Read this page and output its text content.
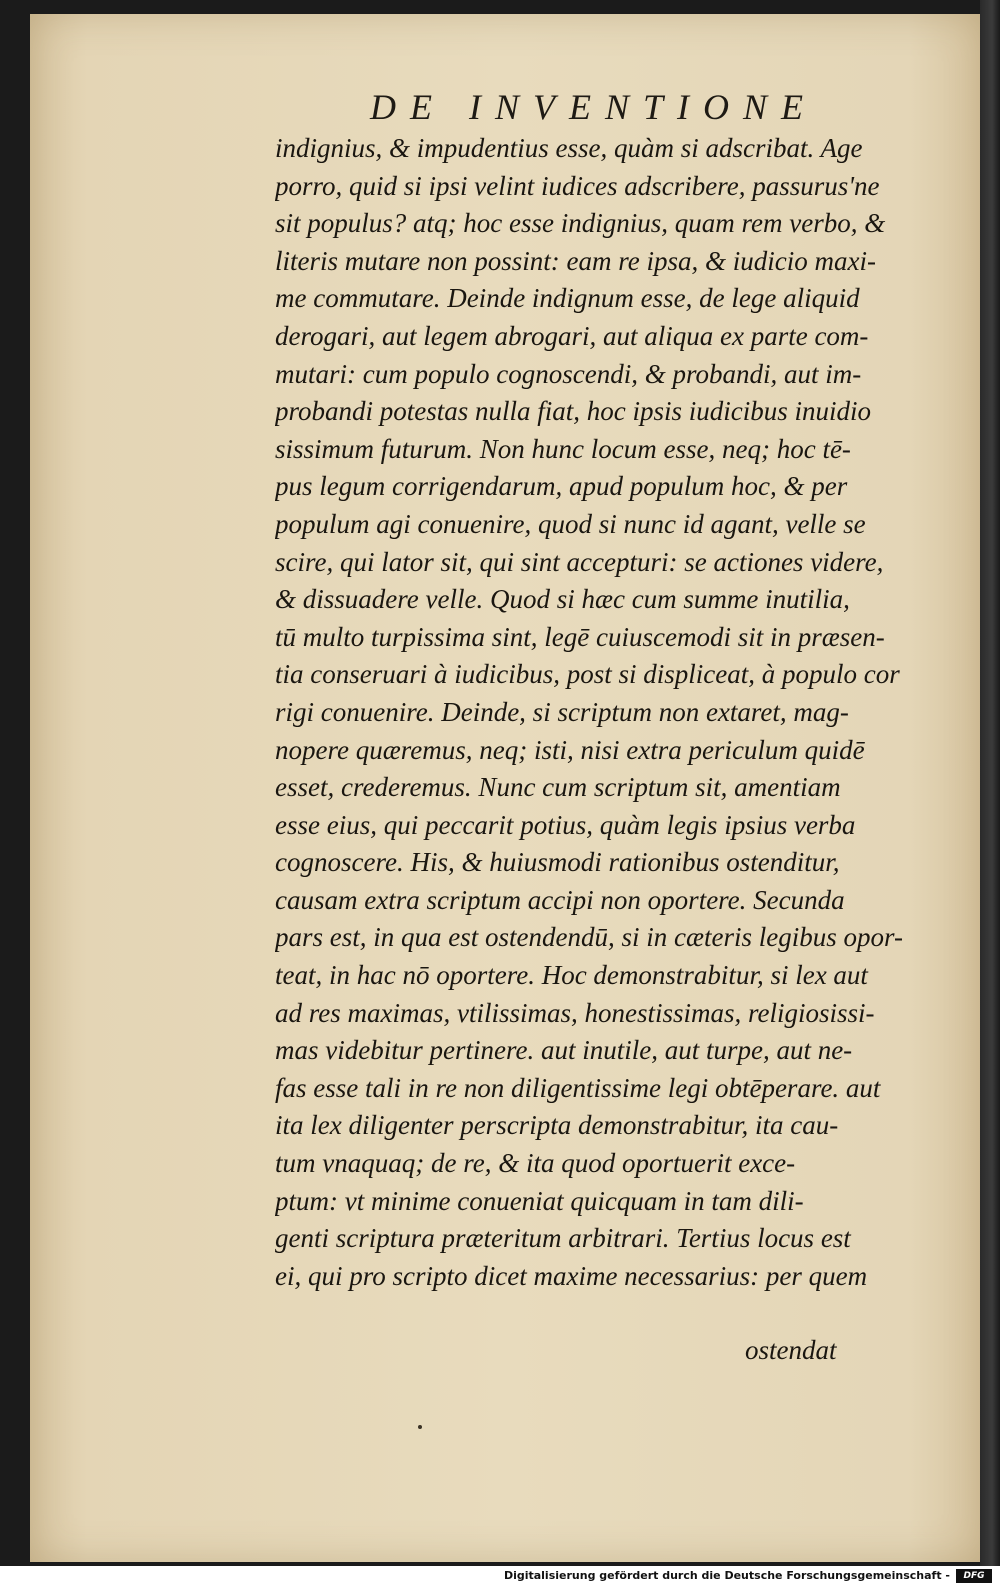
DE INVENTIONE
indignius, & impudentius esse, quàm si adscribat. Age
porro, quid si ipsi velint iudices adscribere, passurus'ne
sit populus? atq; hoc esse indignius, quam rem verbo, &
literis mutare non possint: eam re ipsa, & iudicio maxi-
me commutare. Deinde indignum esse, de lege aliquid
derogari, aut legem abrogari, aut aliqua ex parte com-
mutari: cum populo cognoscendi, & probandi, aut im-
probandi potestas nulla fiat, hoc ipsis iudicibus inuidio
sissimum futurum. Non hunc locum esse, neq; hoc tē-
pus legum corrigendarum, apud populum hoc, & per
populum agi conuenire, quod si nunc id agant, velle se
scire, qui lator sit, qui sint accepturi: se actiones videre,
& dissuadere velle. Quod si hæc cum summe inutilia,
tū multo turpissima sint, legē cuiuscemodi sit in præsen-
tia conseruari à iudicibus, post si displiceat, à populo cor
rigi conuenire. Deinde, si scriptum non extaret, mag-
nopere quæremus, neq; isti, nisi extra periculum quidē
esset, crederemus. Nunc cum scriptum sit, amentiam
esse eius, qui peccarit potius, quàm legis ipsius verba
cognoscere. His, & huiusmodi rationibus ostenditur,
causam extra scriptum accipi non oportere. Secunda
pars est, in qua est ostendendū, si in cæteris legibus opor-
teat, in hac nō oportere. Hoc demonstrabitur, si lex aut
ad res maximas, vtilissimas, honestissimas, religiosissi-
mas videbitur pertinere. aut inutile, aut turpe, aut ne-
fas esse tali in re non diligentissime legi obtēperare. aut
ita lex diligenter perscripta demonstrabitur, ita cau-
tum vnaquaq; de re, & ita quod oportuerit exce-
ptum: vt minime conueniat quicquam in tam dili-
genti scriptura præteritum arbitrari. Tertius locus est
ei, qui pro scripto dicet maxime necessarius: per quem
ostendat
Digitalisierung gefördert durch die Deutsche Forschungsgemeinschaft -	DFG
